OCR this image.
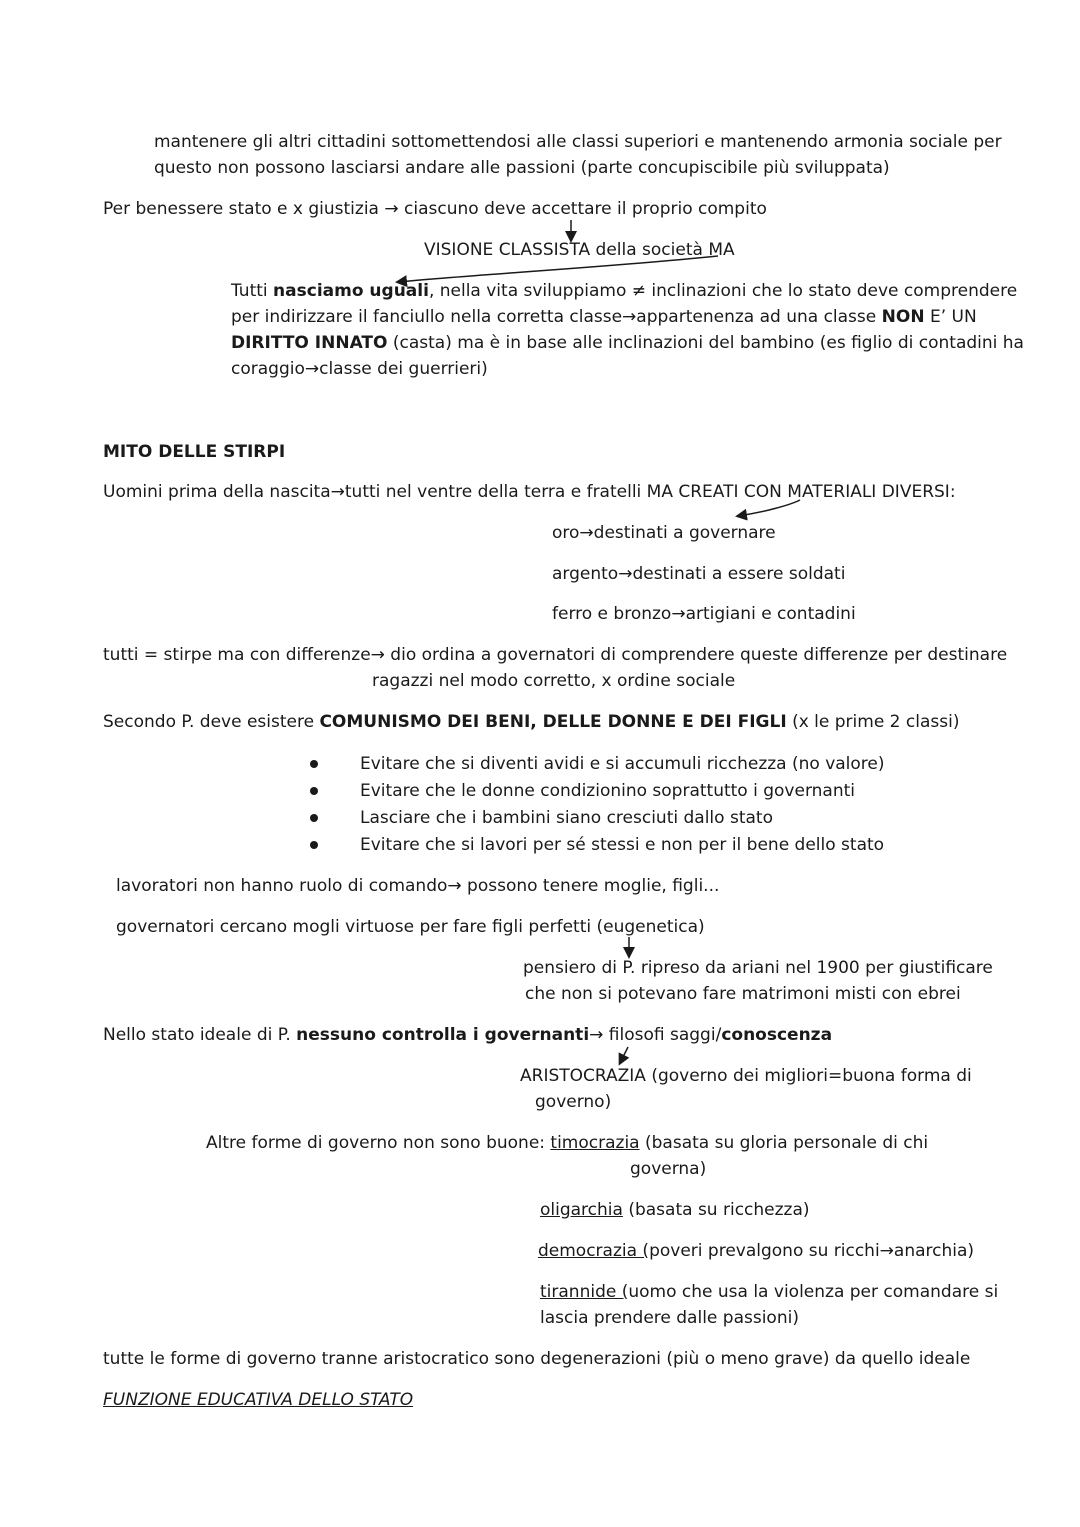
mantenere gli altri cittadini sottomettendosi alle classi superiori e mantenendo armonia sociale per
questo non possono lasciarsi andare alle passioni (parte concupiscibile più sviluppata)
Per benessere stato e x giustizia → ciascuno deve accettare il proprio compito
VISIONE CLASSISTA della società MA
Tutti nasciamo uguali, nella vita sviluppiamo ≠ inclinazioni che lo stato deve comprendere
per indirizzare il fanciullo nella corretta classe→appartenenza ad una classe NON E’ UN
DIRITTO INNATO (casta) ma è in base alle inclinazioni del bambino (es figlio di contadini ha
coraggio→classe dei guerrieri)
MITO DELLE STIRPI
Uomini prima della nascita→tutti nel ventre della terra e fratelli MA CREATI CON MATERIALI DIVERSI:
oro→destinati a governare
argento→destinati a essere soldati
ferro e bronzo→artigiani e contadini
tutti = stirpe ma con differenze→ dio ordina a governatori di comprendere queste differenze per destinare
ragazzi nel modo corretto, x ordine sociale
Secondo P. deve esistere COMUNISMO DEI BENI, DELLE DONNE E DEI FIGLI (x le prime 2 classi)
Evitare che si diventi avidi e si accumuli ricchezza (no valore)
Evitare che le donne condizionino soprattutto i governanti
Lasciare che i bambini siano cresciuti dallo stato
Evitare che si lavori per sé stessi e non per il bene dello stato
lavoratori non hanno ruolo di comando→ possono tenere moglie, figli...
governatori cercano mogli virtuose per fare figli perfetti (eugenetica)
pensiero di P. ripreso da ariani nel 1900 per giustificare
che non si potevano fare matrimoni misti con ebrei
Nello stato ideale di P. nessuno controlla i governanti→ filosofi saggi/conoscenza
ARISTOCRAZIA (governo dei migliori=buona forma di
governo)
Altre forme di governo non sono buone: timocrazia (basata su gloria personale di chi
governa)
oligarchia (basata su ricchezza)
democrazia (poveri prevalgono su ricchi→anarchia)
tirannide (uomo che usa la violenza per comandare si
lascia prendere dalle passioni)
tutte le forme di governo tranne aristocratico sono degenerazioni (più o meno grave) da quello ideale
FUNZIONE EDUCATIVA DELLO STATO
